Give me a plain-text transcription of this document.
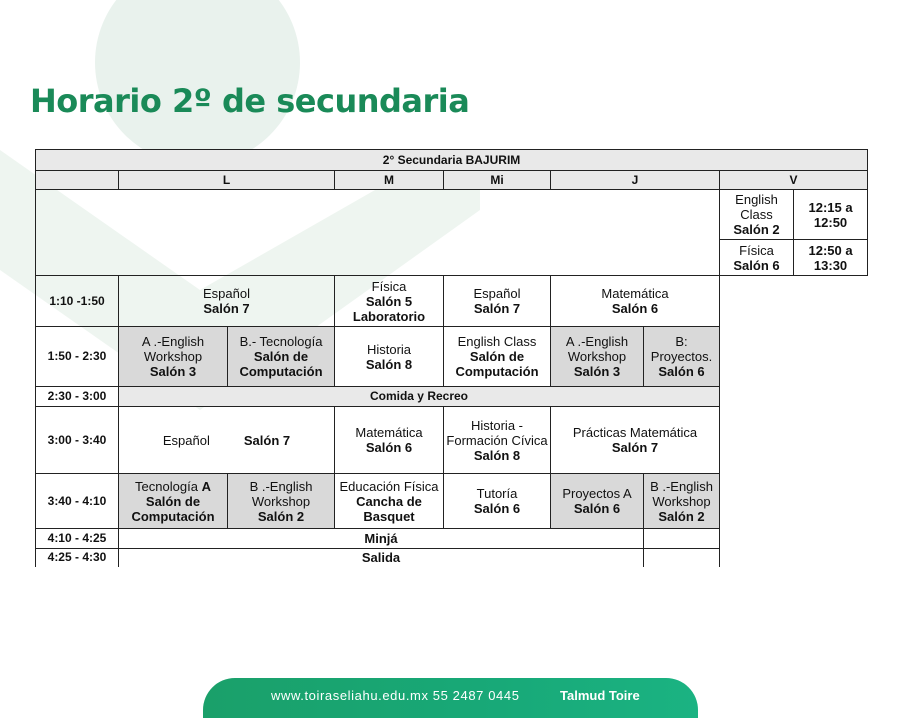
Horario 2º de secundaria
2° Secundaria BAJURIM								
	L		M	Mi	J		V	

							English Class
Salón 2	12:15 a 12:50

							Física
Salón 6	12:50 a 13:30

1:10 -1:50	Español
Salón 7		Física
Salón 5
Laboratorio	Español
Salón 7	Matemática
Salón 6			

1:50 - 2:30	A .-English Workshop
Salón 3	B.- Tecnología
Salón de Computación	Historia
Salón 8	English Class
Salón de Computación	A .-English Workshop
Salón 3	B: Proyectos.
Salón 6		

2:30 - 3:00	Comida y Recreo							
3:00 - 3:40	Español Salón 7		Matemática
Salón 6	Historia - Formación Cívica
Salón 8	Prácticas Matemática
Salón 7			

3:40 - 4:10	Tecnología A
Salón de Computación	B .-English Workshop
Salón 2	Educación Física
Cancha de Basquet	Tutoría
Salón 6	Proyectos A
Salón 6	B .-English Workshop
Salón 2		

4:10 - 4:25	Minjá							
4:25 - 4:30	Salida							
www.toiraseliahu.edu.mx 55 2487 0445	Talmud Toire
